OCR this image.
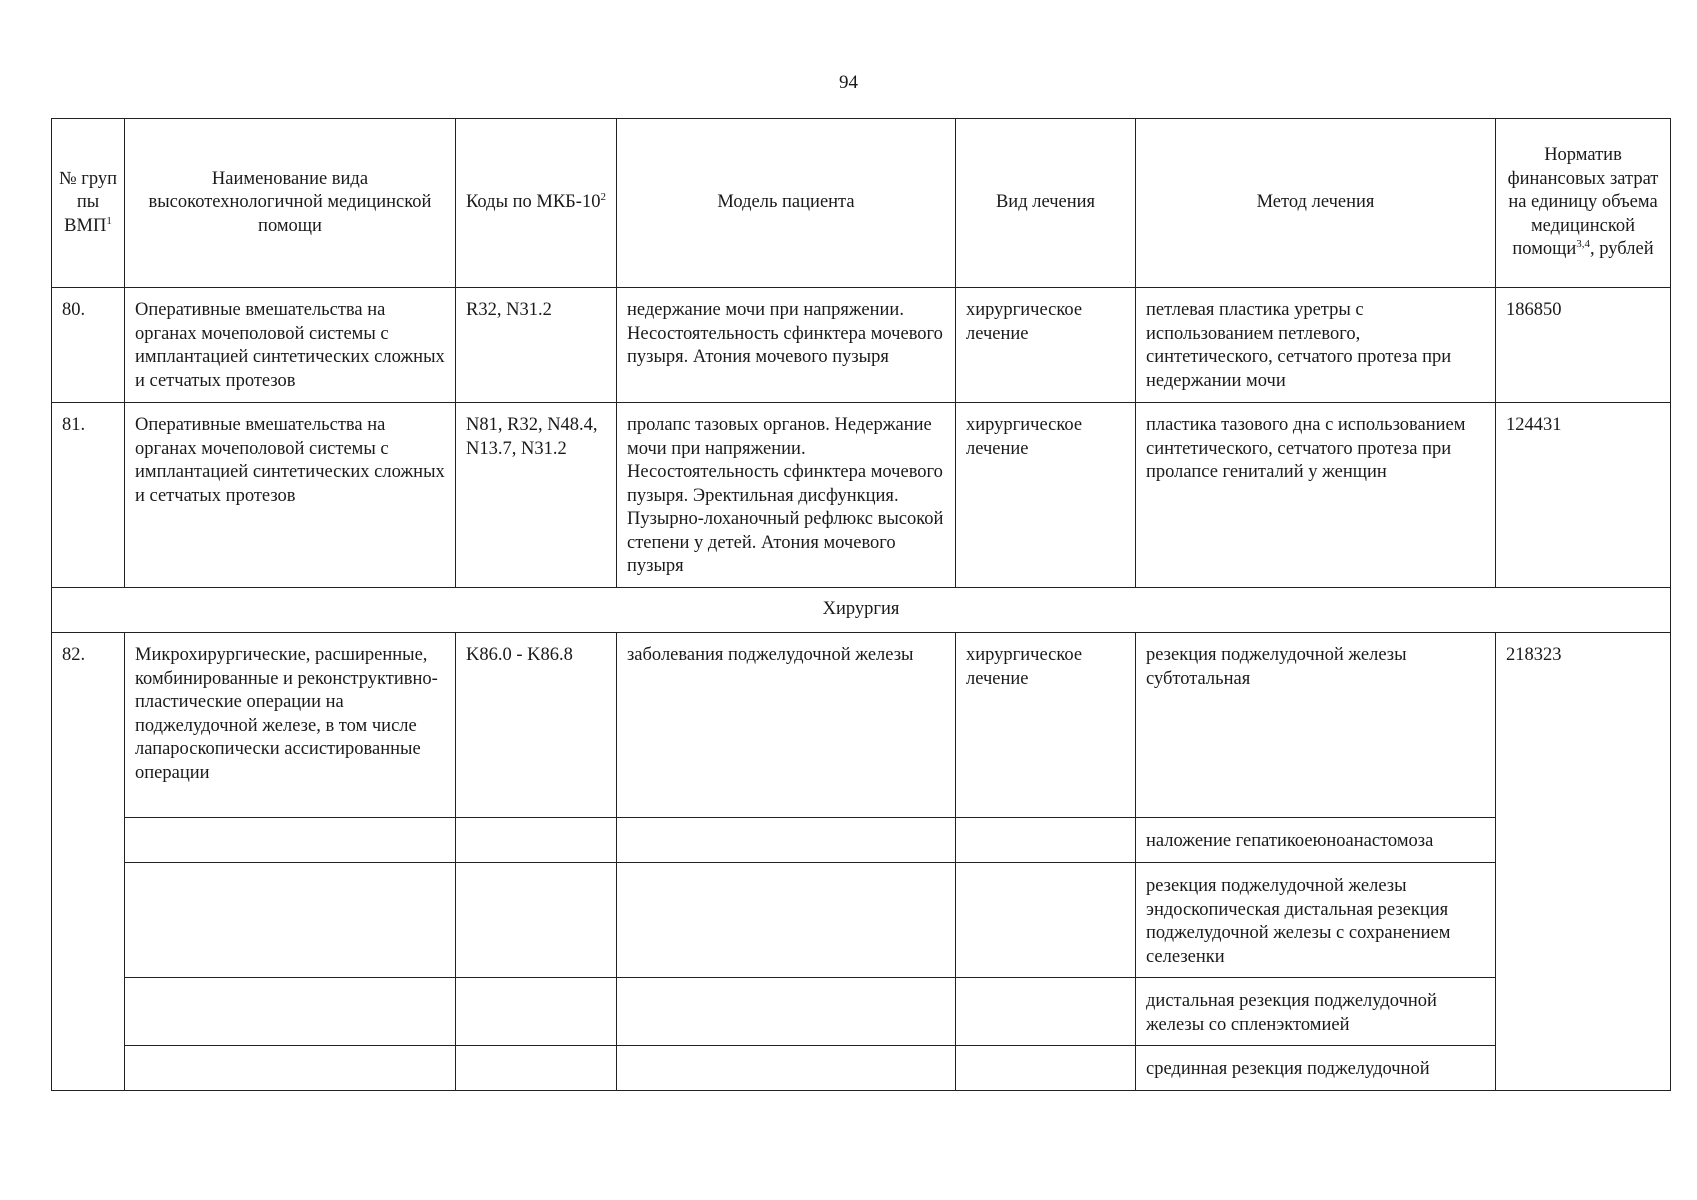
94
№ груп пы ВМП$^1$	Наименование вида высокотехнологичной медицинской помощи	Коды по МКБ-$10^2$	Модель пациента	Вид лечения	Метод лечения	Норматив финансовых затрат на единицу объема медицинской помощи$^{3,4}$, рублей
80.	Оперативные вмешательства на органах мочеполовой системы с имплантацией синтетических сложных и сетчатых протезов	R32, N31.2	недержание мочи при напряжении. Несостоятельность сфинктера мочевого пузыря. Атония мочевого пузыря	хирургическое лечение	петлевая пластика уретры с использованием петлевого, синтетического, сетчатого протеза при недержании мочи	186850
81.	Оперативные вмешательства на органах мочеполовой системы с имплантацией синтетических сложных и сетчатых протезов	N81, R32, N48.4, N13.7, N31.2	пролапс тазовых органов. Недержание мочи при напряжении. Несостоятельность сфинктера мочевого пузыря. Эректильная дисфункция. Пузырно-лоханочный рефлюкс высокой степени у детей. Атония мочевого пузыря	хирургическое лечение	пластика тазового дна с использованием синтетического, сетчатого протеза при пролапсе гениталий у женщин	124431
Хирургия						
82.	Микрохирургические, расширенные, комбинированные и реконструктивно-пластические операции на поджелудочной железе, в том числе лапароскопически ассистированные операции	K86.0 - K86.8	заболевания поджелудочной железы	хирургическое лечение	резекция поджелудочной железы субтотальная	218323
					наложение гепатикоеюноанастомоза	
					резекция поджелудочной железы эндоскопическая дистальная резекция поджелудочной железы с сохранением селезенки	
					дистальная резекция поджелудочной железы со спленэктомией	
					срединная резекция поджелудочной	
